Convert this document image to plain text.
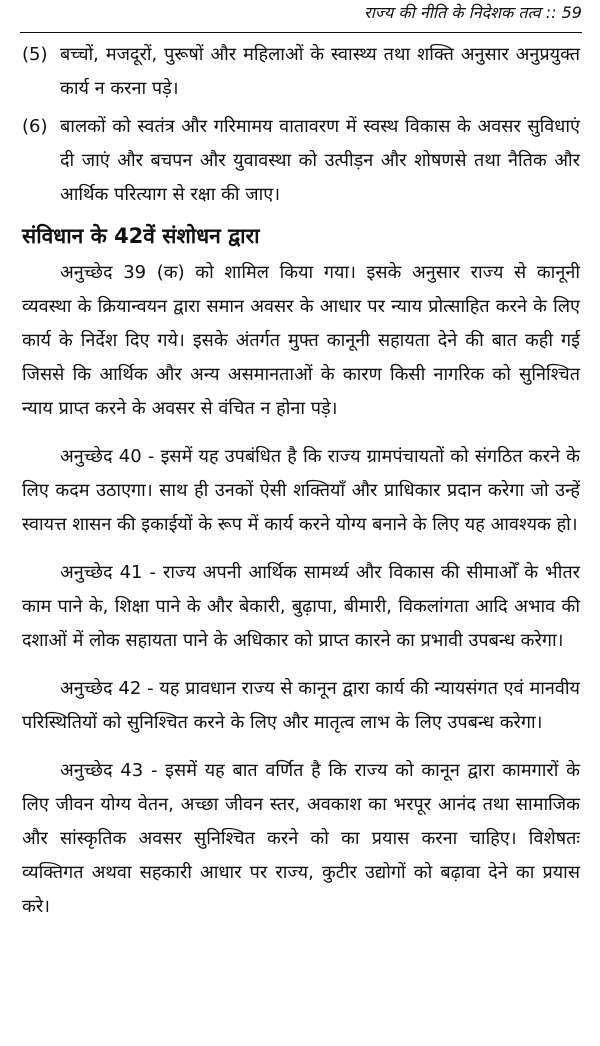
राज्य की नीति के निदेशक तत्व :: 59
(5) बच्चों, मजदूरों, पुरूषों और महिलाओं के स्वास्थ्य तथा शक्ति अनुसार अनुप्रयुक्त कार्य न करना पड़े।
(6) बालकों को स्वतंत्र और गरिमामय वातावरण में स्वस्थ विकास के अवसर सुविधाएं दी जाएं और बचपन और युवावस्था को उत्पीड़न और शोषणसे तथा नैतिक और आर्थिक परित्याग से रक्षा की जाए।
संविधान के 42वें संशोधन द्वारा

अनुच्छेद 39 (क) को शामिल किया गया। इसके अनुसार राज्य से कानूनी व्यवस्था के क्रियान्वयन द्वारा समान अवसर के आधार पर न्याय प्रोत्साहित करने के लिए कार्य के निर्देश दिए गये। इसके अंतर्गत मुफ्त कानूनी सहायता देने की बात कही गई जिससे कि आर्थिक और अन्य असमानताओं के कारण किसी नागरिक को सुनिश्चित न्याय प्राप्त करने के अवसर से वंचित न होना पड़े।

अनुच्छेद 40 - इसमें यह उपबंधित है कि राज्य ग्रामपंचायतों को संगठित करने के लिए कदम उठाएगा। साथ ही उनकों ऐसी शक्तियाँ और प्राधिकार प्रदान करेगा जो उन्हें स्वायत्त शासन की इकाईयों के रूप में कार्य करने योग्य बनाने के लिए यह आवश्यक हो।

अनुच्छेद 41 - राज्य अपनी आर्थिक सामर्थ्य और विकास की सीमाओँ के भीतर काम पाने के, शिक्षा पाने के और बेकारी, बुढ़ापा, बीमारी, विकलांगता आदि अभाव की दशाओं में लोक सहायता पाने के अधिकार को प्राप्त कारने का प्रभावी उपबन्ध करेगा।

अनुच्छेद 42 - यह प्रावधान राज्य से कानून द्वारा कार्य की न्यायसंगत एवं मानवीय परिस्थितियों को सुनिश्चित करने के लिए और मातृत्व लाभ के लिए उपबन्ध करेगा।

अनुच्छेद 43 - इसमें यह बात वर्णित है कि राज्य को कानून द्वारा कामगारों के लिए जीवन योग्य वेतन, अच्छा जीवन स्तर, अवकाश का भरपूर आनंद तथा सामाजिक और सांस्कृतिक अवसर सुनिश्चित करने को का प्रयास करना चाहिए। विशेषतः व्यक्तिगत अथवा सहकारी आधार पर राज्य, कुटीर उद्योगों को बढ़ावा देने का प्रयास करे।
